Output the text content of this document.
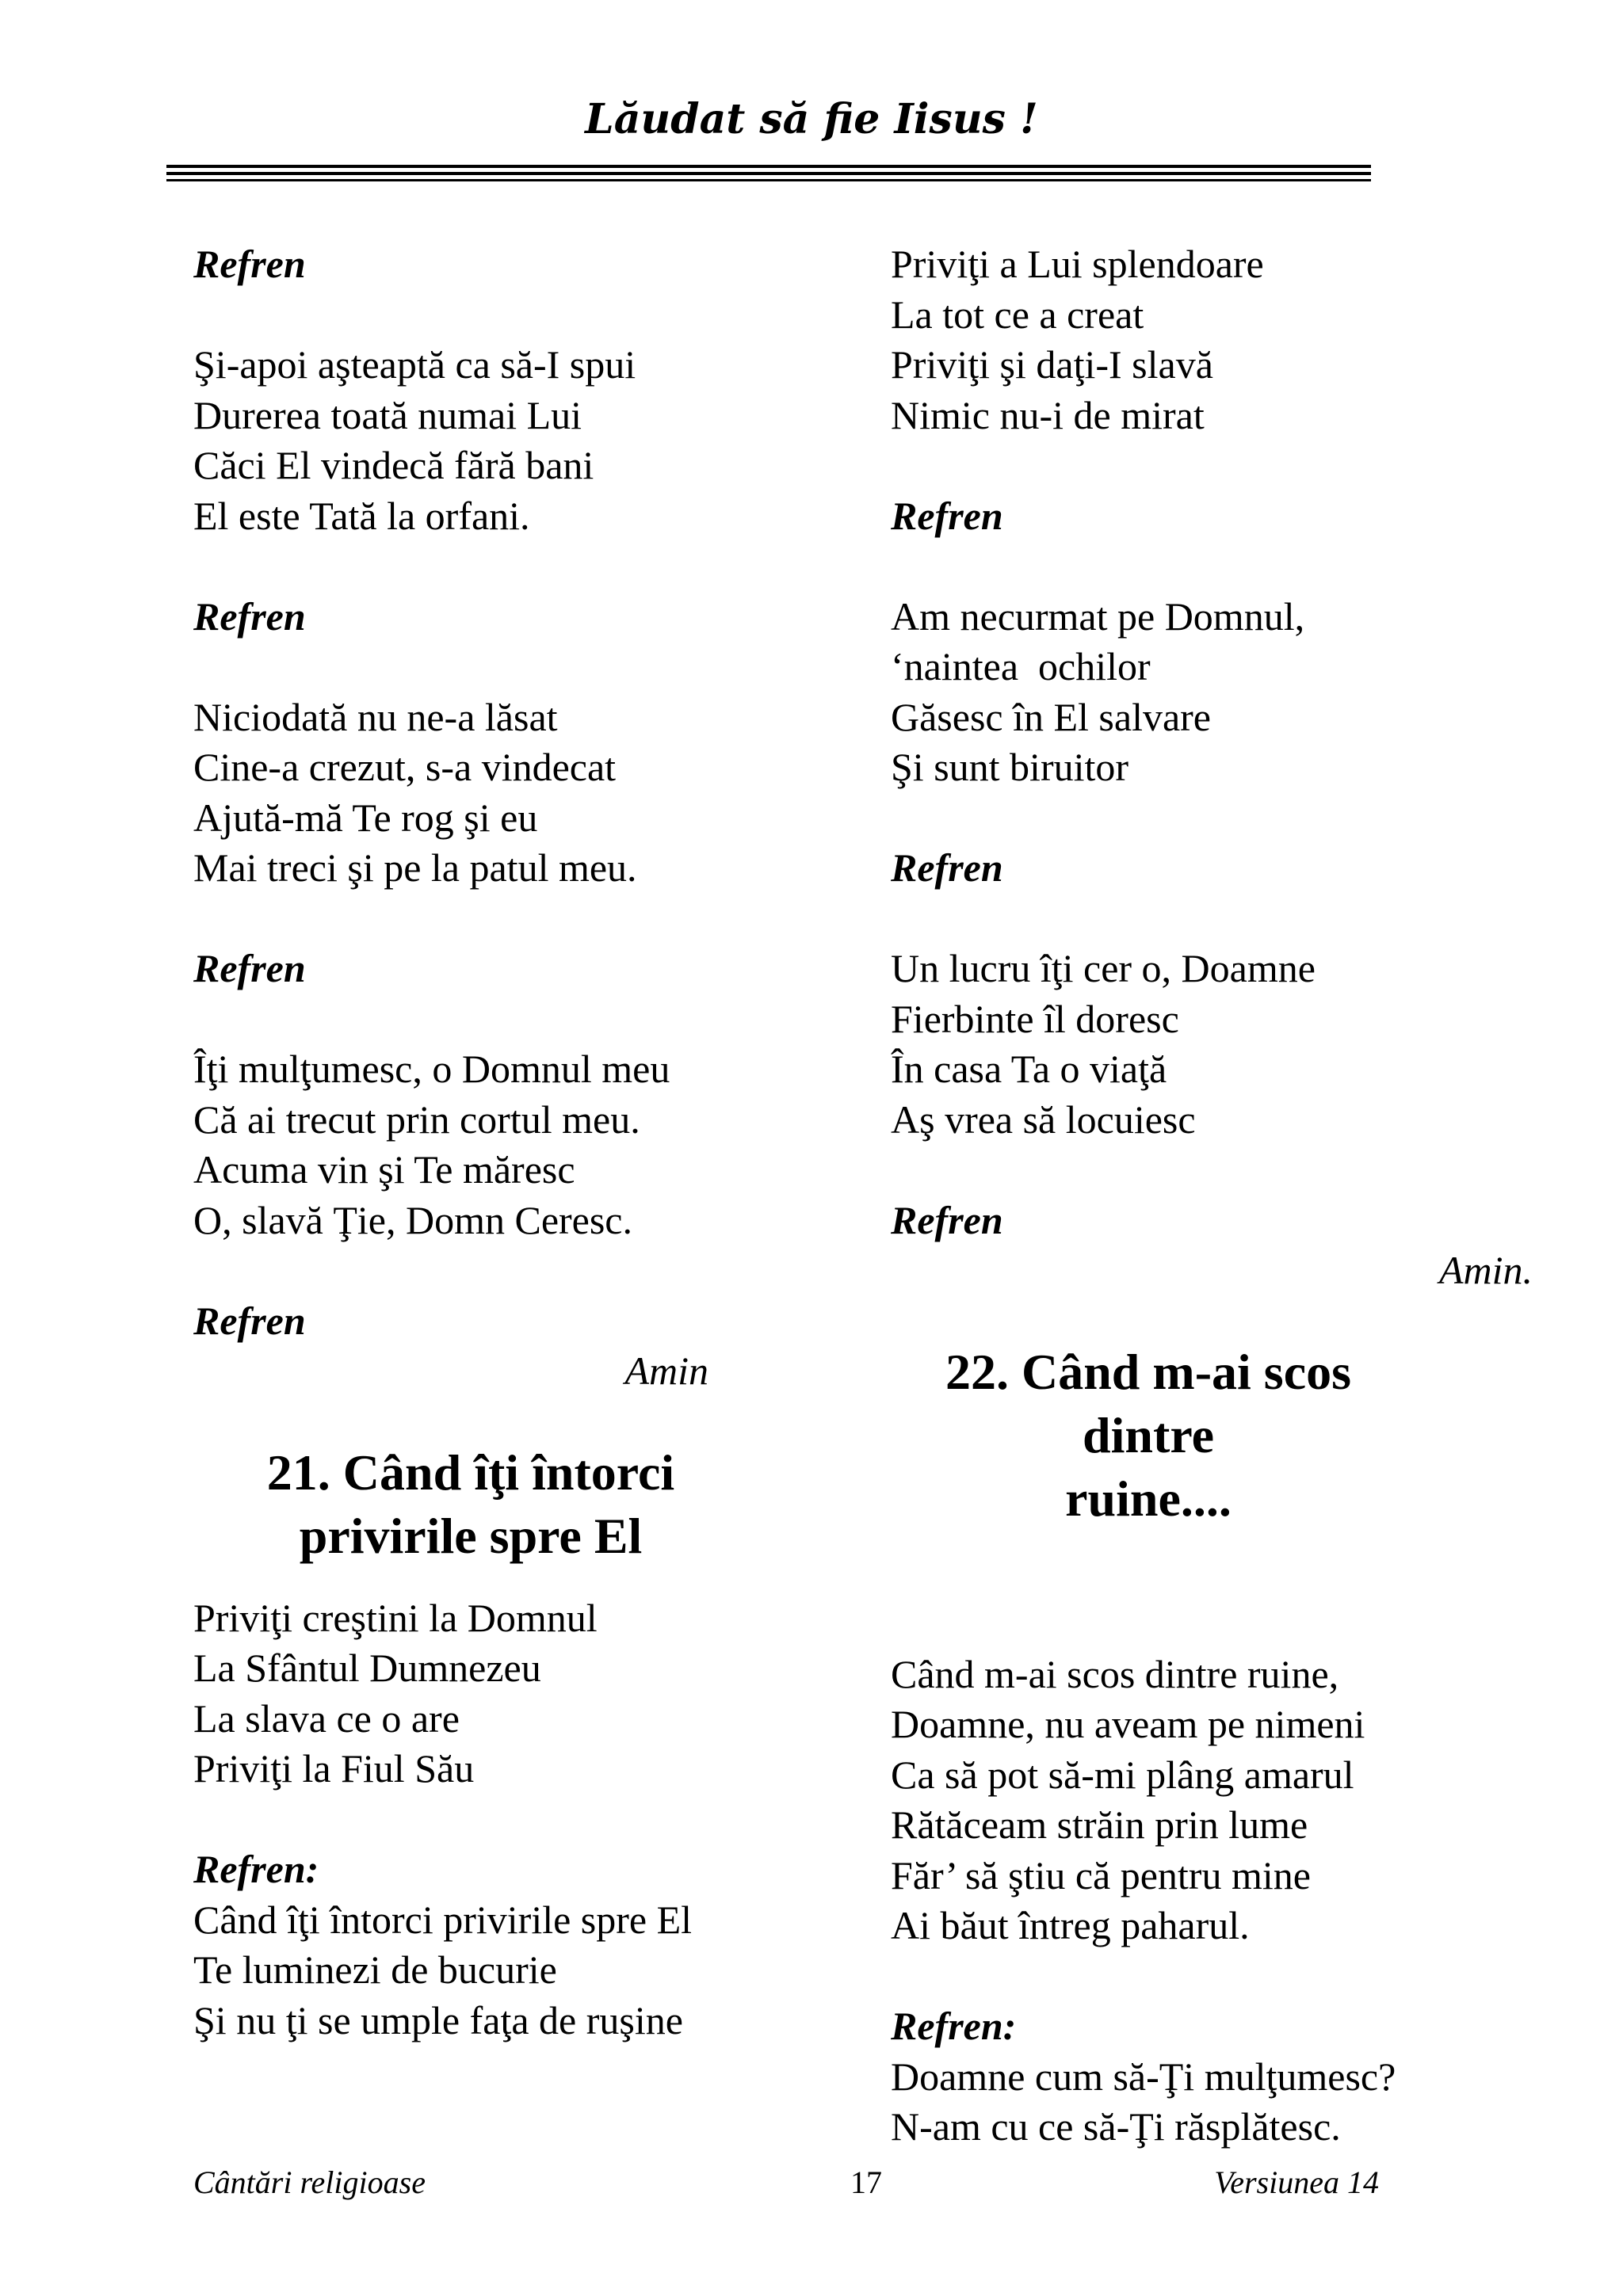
Lăudat să fie Iisus !
Refren
Şi-apoi aşteaptă ca să-I spui
Durerea toată numai Lui
Căci El vindecă fără bani
El este Tată la orfani.
Refren
Niciodată nu ne-a lăsat
Cine-a crezut, s-a vindecat
Ajută-mă Te rog şi eu
Mai treci şi pe la patul meu.
Refren
Îţi mulţumesc, o Domnul meu
Că ai trecut prin cortul meu.
Acuma vin şi Te măresc
O, slavă Ţie, Domn Ceresc.
Refren
Amin
21. Când îţi întorci
privirile spre El
Priviţi creştini la Domnul
La Sfântul Dumnezeu
La slava ce o are
Priviţi la Fiul Său
Refren:
Când îţi întorci privirile spre El
Te luminezi de bucurie
Şi nu ţi se umple faţa de ruşine
Priviţi a Lui splendoare
La tot ce a creat
Priviţi şi daţi-I slavă
Nimic nu-i de mirat
Refren
Am necurmat pe Domnul,
‘naintea  ochilor
Găsesc în El salvare
Şi sunt biruitor
Refren
Un lucru îţi cer o, Doamne
Fierbinte îl doresc
În casa Ta o viaţă
Aş vrea să locuiesc
Refren
Amin.
22. Când m-ai scos dintre
ruine....
Când m-ai scos dintre ruine,
Doamne, nu aveam pe nimeni
Ca să pot să-mi plâng amarul
Rătăceam străin prin lume
Făr’ să ştiu că pentru mine
Ai băut întreg paharul.
Refren:
Doamne cum să-Ţi mulţumesc?
N-am cu ce să-Ţi răsplătesc.
Cântări religioase	17	Versiunea 14
